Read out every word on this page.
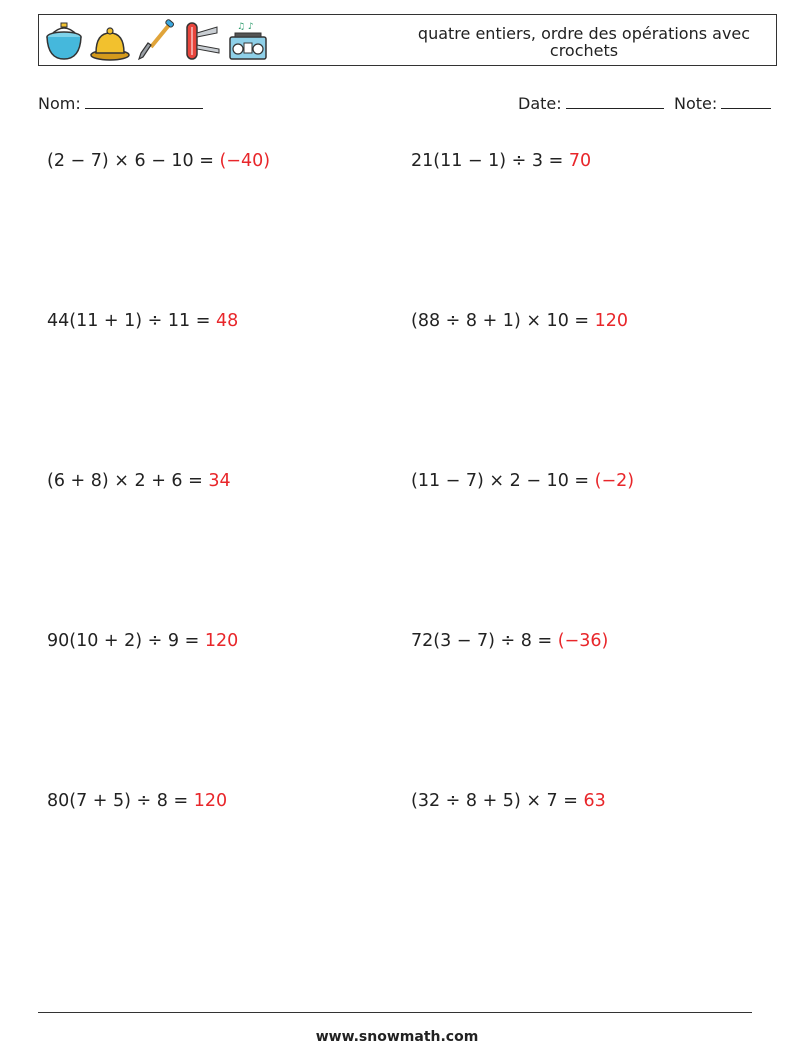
♫ ♪	quatre entiers, ordre des opérations avec crochets
Nom:	Date:	Note:
(2 − 7) × 6 − 10 = (−40)	21(11 − 1) ÷ 3 = 70
44(11 + 1) ÷ 11 = 48	(88 ÷ 8 + 1) × 10 = 120
(6 + 8) × 2 + 6 = 34	(11 − 7) × 2 − 10 = (−2)
90(10 + 2) ÷ 9 = 120	72(3 − 7) ÷ 8 = (−36)
80(7 + 5) ÷ 8 = 120	(32 ÷ 8 + 5) × 7 = 63
www.snowmath.com
